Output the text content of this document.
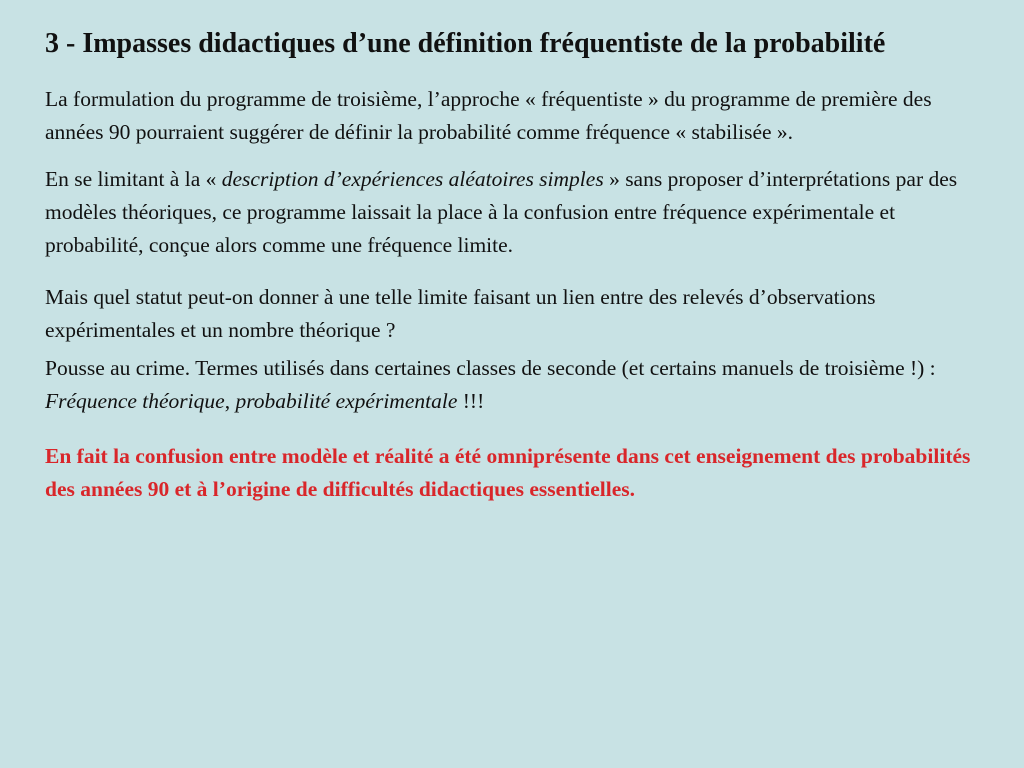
3 - Impasses didactiques d’une définition fréquentiste de la probabilité

La formulation du programme de troisième, l’approche « fréquentiste » du programme de première des années 90 pourraient suggérer de définir la probabilité comme fréquence « stabilisée ».

En se limitant à la « description d’expériences aléatoires simples » sans proposer d’interprétations par des modèles théoriques, ce programme laissait la place à la confusion entre fréquence expérimentale et probabilité, conçue alors comme une fréquence limite.

Mais quel statut peut-on donner à une telle limite faisant un lien entre des relevés d’observations expérimentales et un nombre théorique ?

Pousse au crime. Termes utilisés dans certaines classes de seconde (et certains manuels de troisième !) : Fréquence théorique, probabilité expérimentale !!!

En fait la confusion entre modèle et réalité a été omniprésente dans cet enseignement des probabilités des années 90 et à l’origine de difficultés didactiques essentielles.
